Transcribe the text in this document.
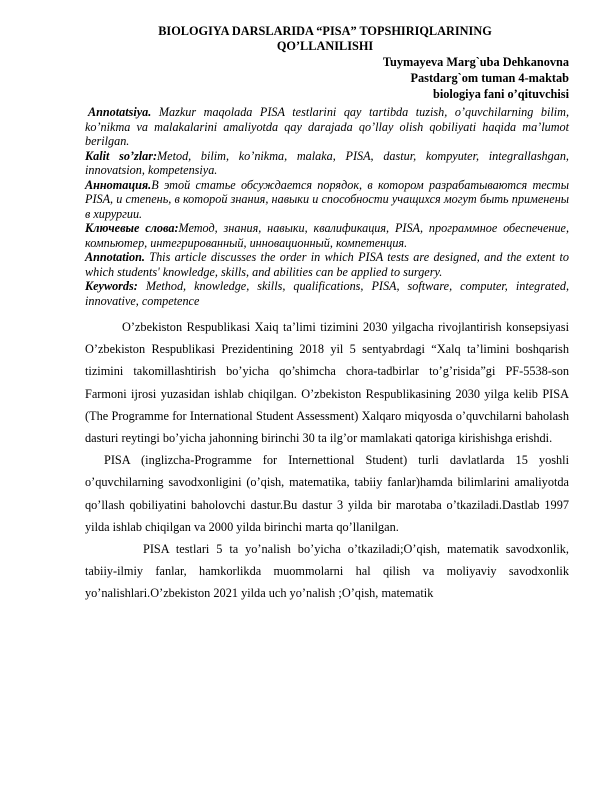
BIOLOGIYA DARSLARIDA “PISA” TOPSHIRIQLARINING
QO’LLANILISHI
Tuymayeva Marg`uba Dehkanovna
Pastdarg`om tuman 4-maktab
biologiya fani o’qituvchisi

Annotatsiya. Mazkur maqolada PISA testlarini qay tartibda tuzish, o’quvchilarning bilim, ko’nikma va malakalarini amaliyotda qay darajada qo’llay olish qobiliyati haqida ma’lumot berilgan.

Kalit so’zlar:Metod, bilim, ko’nikma, malaka, PISA, dastur, kompyuter, integrallashgan, innovatsion, kompetensiya.

Аннотация.В этой статье обсуждается порядок, в котором разрабатываются тесты PISA, и степень, в которой знания, навыки и способности учащихся могут быть применены в хирургии.

Ключевые слова:Метод, знания, навыки, квалификация, PISA, программное обеспечение, компьютер, интегрированный, инновационный, компетенция.

Annotation. This article discusses the order in which PISA tests are designed, and the extent to which students' knowledge, skills, and abilities can be applied to surgery.

Keywords: Method, knowledge, skills, qualifications, PISA, software, computer, integrated, innovative, competence

O’zbekiston Respublikasi Xaiq ta’limi tizimini 2030 yilgacha rivojlantirish konsepsiyasi O’zbekiston Respublikasi Prezidentining 2018 yil 5 sentyabrdagi “Xalq ta’limini boshqarish tizimini takomillashtirish bo’yicha qo’shimcha chora-tadbirlar to’g’risida”gi PF-5538-son Farmoni ijrosi yuzasidan ishlab chiqilgan. O’zbekiston Respublikasining 2030 yilga kelib PISA (The Programme for International Student Assessment) Xalqaro miqyosda o’quvchilarni baholash dasturi reytingi bo’yicha jahonning birinchi 30 ta ilg’or mamlakati qatoriga kirishishga erishdi.

PISA (inglizcha-Programme for Internettional Student) turli davlatlarda 15 yoshli o’quvchilarning savodxonligini (o’qish, matematika, tabiiy fanlar)hamda bilimlarini amaliyotda qo’llash qobiliyatini baholovchi dastur.Bu dastur 3 yilda bir marotaba o’tkaziladi.Dastlab 1997 yilda ishlab chiqilgan va 2000 yilda birinchi marta qo’llanilgan.

PISA testlari 5 ta yo’nalish bo’yicha o’tkaziladi;O’qish, matematik savodxonlik, tabiiy-ilmiy fanlar, hamkorlikda muommolarni hal qilish va moliyaviy savodxonlik yo’nalishlari.O’zbekiston 2021 yilda uch yo’nalish ;O’qish, matematik
